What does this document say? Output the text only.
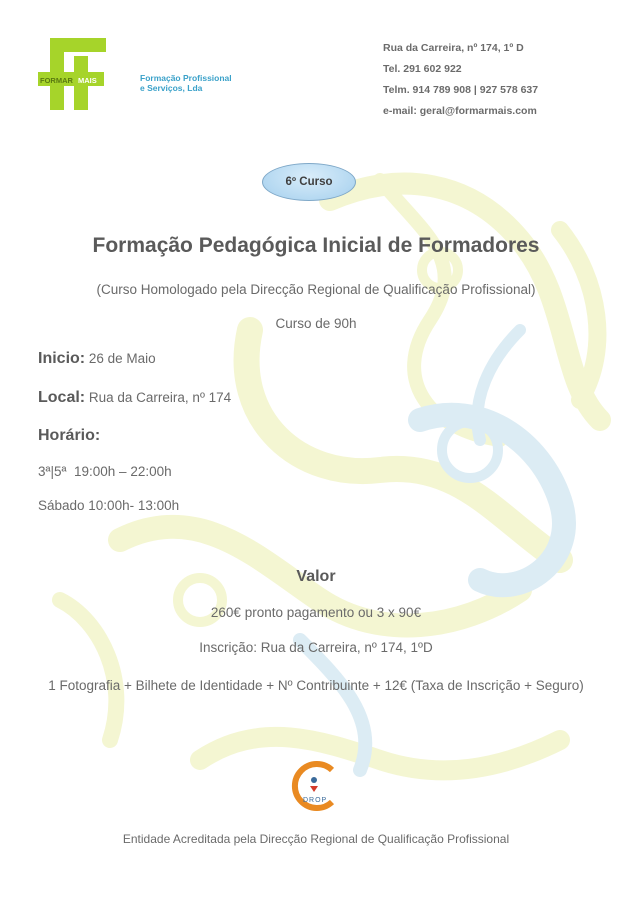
FORMAR MAIS	Formação Profissional
e Serviços, Lda
Rua da Carreira, nº 174, 1º D
Tel. 291 602 922
Telm. 914 789 908 | 927 578 637
e-mail: geral@formarmais.com
6º Curso
Formação Pedagógica Inicial de Formadores
(Curso Homologado pela Direcção Regional de Qualificação Profissional)
Curso de 90h
Inicio: 26 de Maio
Local: Rua da Carreira, nº 174
Horário:
3ª|5ª  19:00h – 22:00h
Sábado 10:00h- 13:00h
Valor
260€ pronto pagamento ou 3 x 90€
Inscrição: Rua da Carreira, nº 174, 1ºD
1 Fotografia + Bilhete de Identidade + Nº Contribuinte + 12€ (Taxa de Inscrição + Seguro)
DROP
Entidade Acreditada pela Direcção Regional de Qualificação Profissional
